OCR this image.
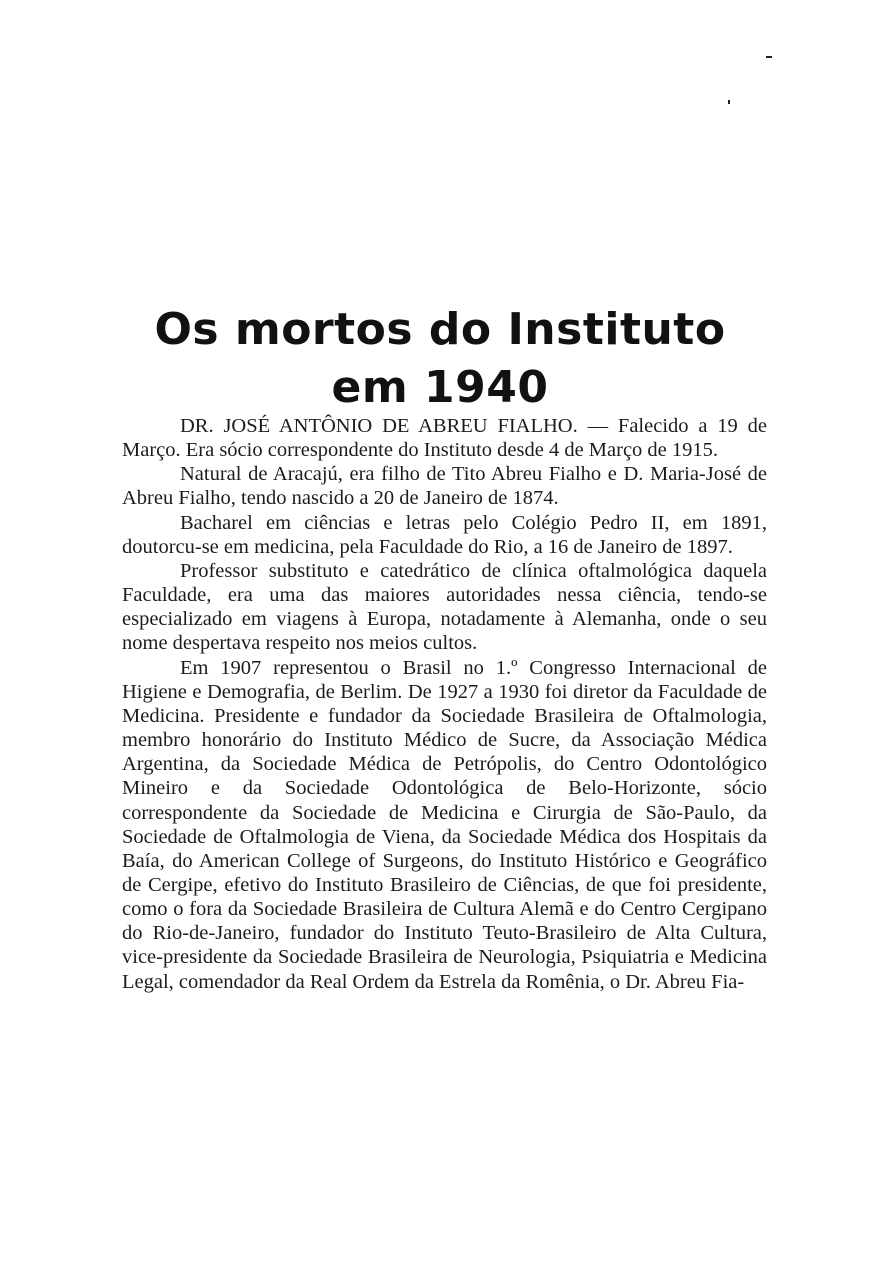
Os mortos do Instituto
em 1940

DR. JOSÉ ANTÔNIO DE ABREU FIALHO. — Falecido a 19 de Março. Era sócio correspondente do Instituto desde 4 de Março de 1915.

Natural de Aracajú, era filho de Tito Abreu Fialho e D. Maria-José de Abreu Fialho, tendo nascido a 20 de Janeiro de 1874.

Bacharel em ciências e letras pelo Colégio Pedro II, em 1891, doutorcu-se em medicina, pela Faculdade do Rio, a 16 de Janeiro de 1897.

Professor substituto e catedrático de clínica oftalmológica daquela Faculdade, era uma das maiores autoridades nessa ciência, tendo-se especializado em viagens à Europa, notadamente à Alemanha, onde o seu nome despertava respeito nos meios cultos.

Em 1907 representou o Brasil no 1.º Congresso Internacional de Higiene e Demografia, de Berlim. De 1927 a 1930 foi diretor da Faculdade de Medicina. Presidente e fundador da Sociedade Brasileira de Oftalmologia, membro honorário do Instituto Médico de Sucre, da Associação Médica Argentina, da Sociedade Médica de Petrópolis, do Centro Odontológico Mineiro e da Sociedade Odontológica de Belo-Horizonte, sócio correspondente da Sociedade de Medicina e Cirurgia de São-Paulo, da Sociedade de Oftalmologia de Viena, da Sociedade Médica dos Hospitais da Baía, do American College of Surgeons, do Instituto Histórico e Geográfico de Cergipe, efetivo do Instituto Brasileiro de Ciências, de que foi presidente, como o fora da Sociedade Brasileira de Cultura Alemã e do Centro Cergipano do Rio-de-Janeiro, fundador do Instituto Teuto-Brasileiro de Alta Cultura, vice-presidente da Sociedade Brasileira de Neurologia, Psiquiatria e Medicina Legal, comendador da Real Ordem da Estrela da Romênia, o Dr. Abreu Fia-
